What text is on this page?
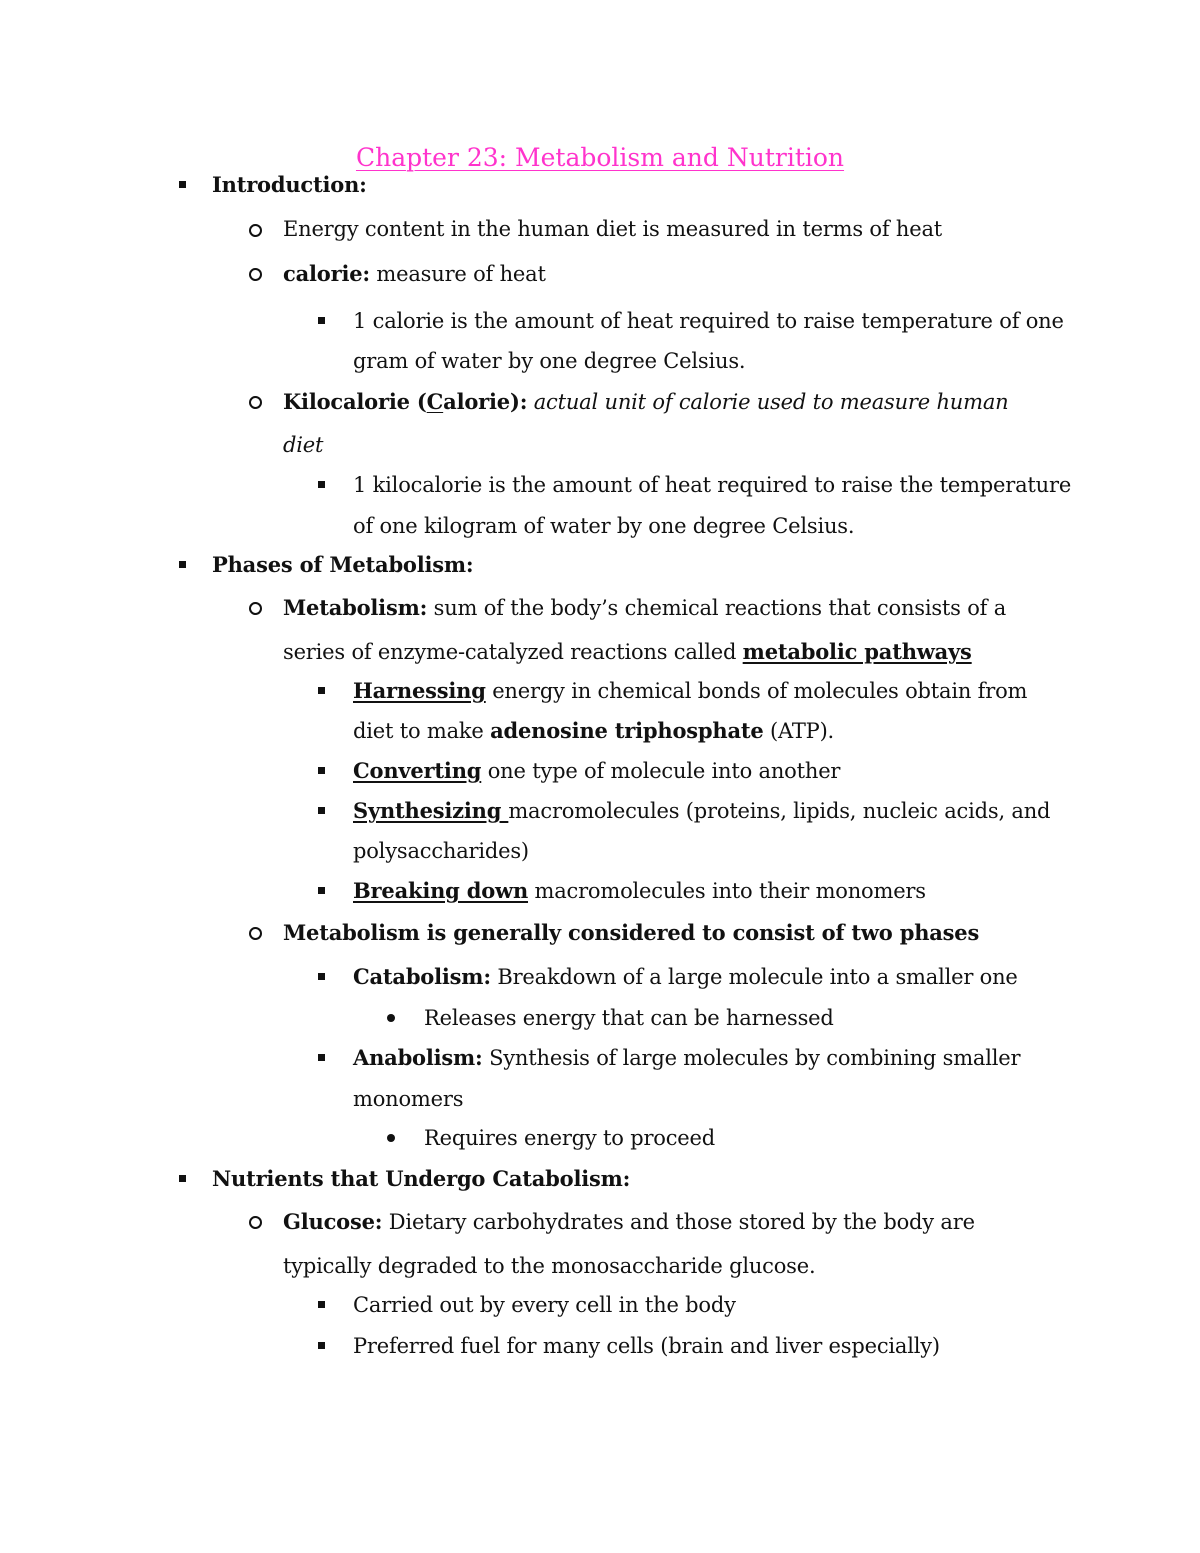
Chapter 23: Metabolism and Nutrition
Introduction:
Energy content in the human diet is measured in terms of heat
calorie: measure of heat
1 calorie is the amount of heat required to raise temperature of one
gram of water by one degree Celsius.
Kilocalorie (Calorie): actual unit of calorie used to measure human
diet
1 kilocalorie is the amount of heat required to raise the temperature
of one kilogram of water by one degree Celsius.
Phases of Metabolism:
Metabolism: sum of the body’s chemical reactions that consists of a
series of enzyme-catalyzed reactions called metabolic pathways
Harnessing energy in chemical bonds of molecules obtain from
diet to make adenosine triphosphate (ATP).
Converting one type of molecule into another
Synthesizing macromolecules (proteins, lipids, nucleic acids, and
polysaccharides)
Breaking down macromolecules into their monomers
Metabolism is generally considered to consist of two phases
Catabolism: Breakdown of a large molecule into a smaller one
Releases energy that can be harnessed
Anabolism: Synthesis of large molecules by combining smaller
monomers
Requires energy to proceed
Nutrients that Undergo Catabolism:
Glucose: Dietary carbohydrates and those stored by the body are
typically degraded to the monosaccharide glucose.
Carried out by every cell in the body
Preferred fuel for many cells (brain and liver especially)
